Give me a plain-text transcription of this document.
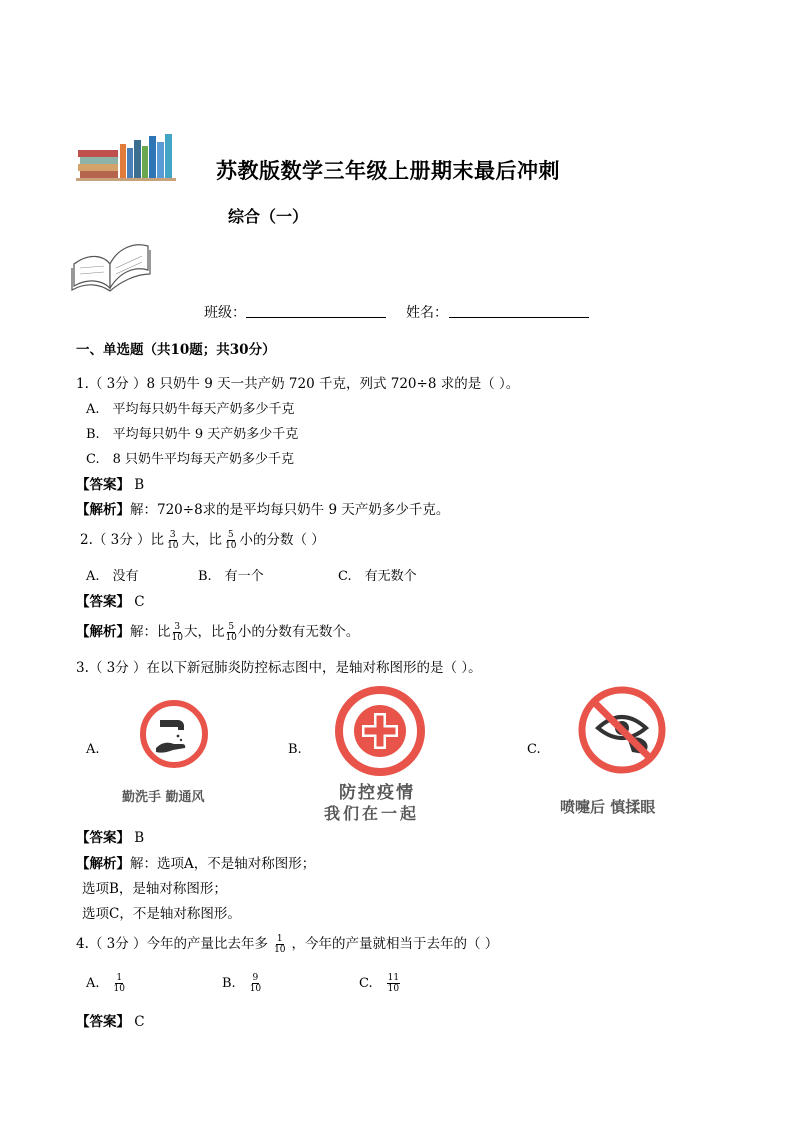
苏教版数学三年级上册期末最后冲刺
综合（一）
班级：	姓名：
一、单选题（共10题；共30分）
1.（ 3分 ）8 只奶牛 9 天一共产奶 720 千克，列式 720÷8 求的是（ ）。
A.　平均每只奶牛每天产奶多少千克
B.　平均每只奶牛 9 天产奶多少千克
C.　8 只奶牛平均每天产奶多少千克
【答案】 B
【解析】解：720÷8求的是平均每只奶牛 9 天产奶多少千克。
2.（ 3分 ）比 $\frac{3}{10}$ 大，比 $\frac{5}{10}$ 小的分数（ ）
A.　没有	B.　有一个	C.　有无数个
【答案】 C
【解析】解：比 $\frac{3}{10}$ 大，比 $\frac{5}{10}$ 小的分数有无数个。
3.（ 3分 ）在以下新冠肺炎防控标志图中，是轴对称图形的是（ ）。
A.
勤洗手 勤通风
B.
防控疫情
我们在一起
C.
喷嚏后 慎揉眼
【答案】 B
【解析】解：选项A，不是轴对称图形；
选项B，是轴对称图形；
选项C，不是轴对称图形。
4.（ 3分 ）今年的产量比去年多 $\frac{1}{10}$ ，今年的产量就相当于去年的（ ）
A. $\frac{1}{10}$	B. $\frac{9}{10}$	C. $\frac{11}{10}$
【答案】 C
